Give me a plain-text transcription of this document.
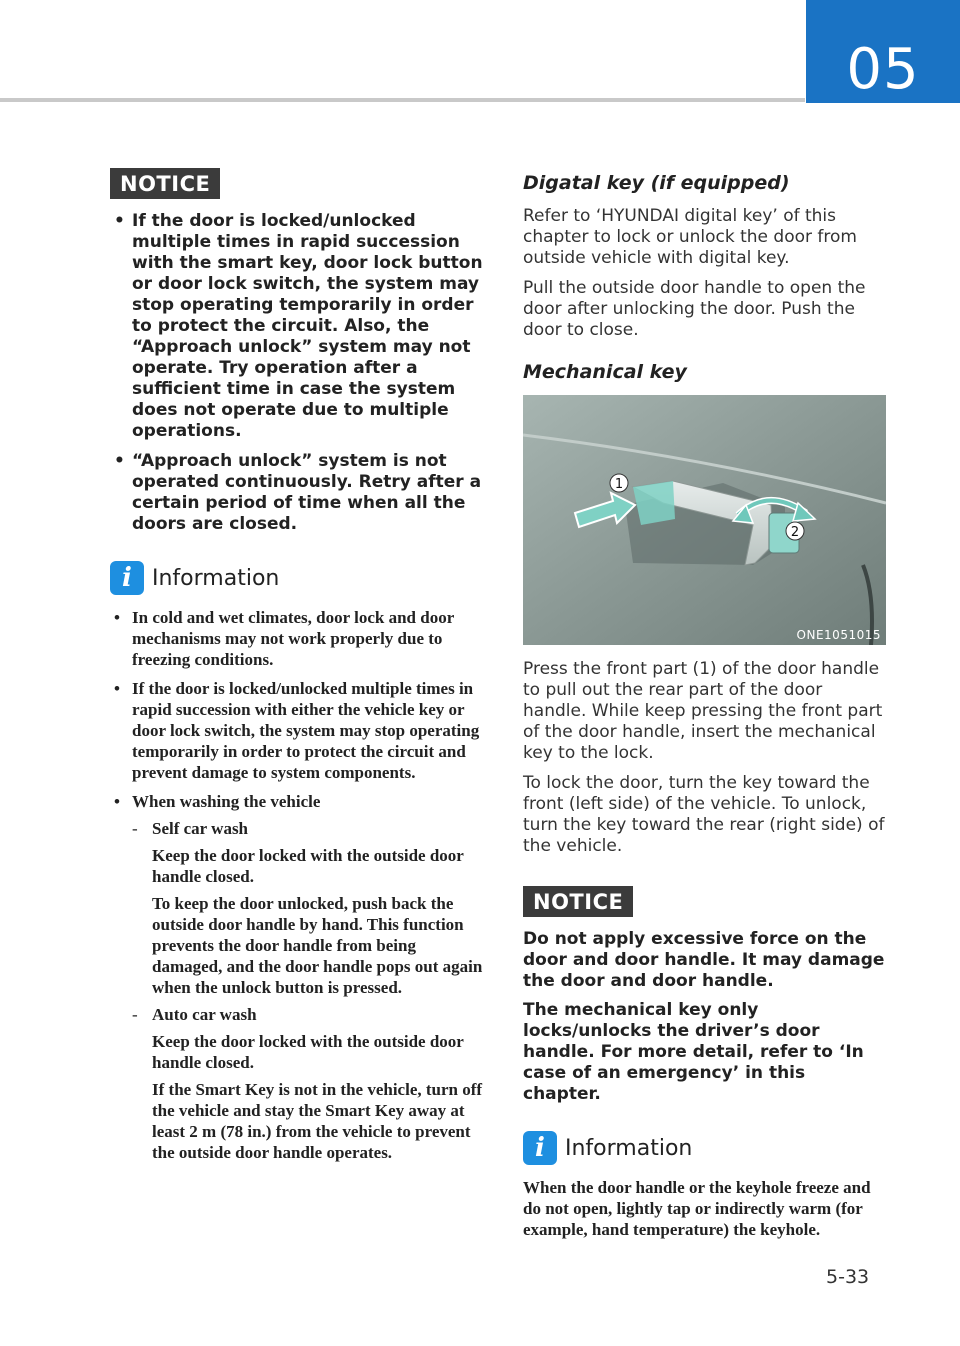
05
NOTICE
• If the door is locked/unlocked multiple times in rapid succession with the smart key, door lock button or door lock switch, the system may stop operating temporarily in order to protect the circuit. Also, the “Approach unlock” system may not operate. Try operation after a sufficient time in case the system does not operate due to multiple operations.
• “Approach unlock” system is not operated continuously. Retry after a certain period of time when all the doors are closed.
i Information
• In cold and wet climates, door lock and door mechanisms may not work properly due to freezing conditions.
• If the door is locked/unlocked multiple times in rapid succession with either the vehicle key or door lock switch, the system may stop operating temporarily in order to protect the circuit and prevent damage to system components.
• When washing the vehicle
- Self car wash

Keep the door locked with the outside door handle closed.

To keep the door unlocked, push back the outside door handle by hand. This function prevents the door handle from being damaged, and the door handle pops out again when the unlock button is pressed.

- Auto car wash

Keep the door locked with the outside door handle closed.

If the Smart Key is not in the vehicle, turn off the vehicle and stay the Smart Key away at least 2 m (78 in.) from the vehicle to prevent the outside door handle operates.

Digatal key (if equipped)

Refer to ‘HYUNDAI digital key’ of this chapter to lock or unlock the door from outside vehicle with digital key.

Pull the outside door handle to open the door after unlocking the door. Push the door to close.

Mechanical key
1
2
ONE1051015

Press the front part (1) of the door handle to pull out the rear part of the door handle. While keep pressing the front part of the door handle, insert the mechanical key to the lock.

To lock the door, turn the key toward the front (left side) of the vehicle. To unlock, turn the key toward the rear (right side) of the vehicle.

NOTICE

Do not apply excessive force on the door and door handle. It may damage the door and door handle.

The mechanical key only locks/unlocks the driver’s door handle. For more detail, refer to ‘In case of an emergency’ in this chapter.

i Information

When the door handle or the keyhole freeze and do not open, lightly tap or indirectly warm (for example, hand temperature) the keyhole.

5-33
